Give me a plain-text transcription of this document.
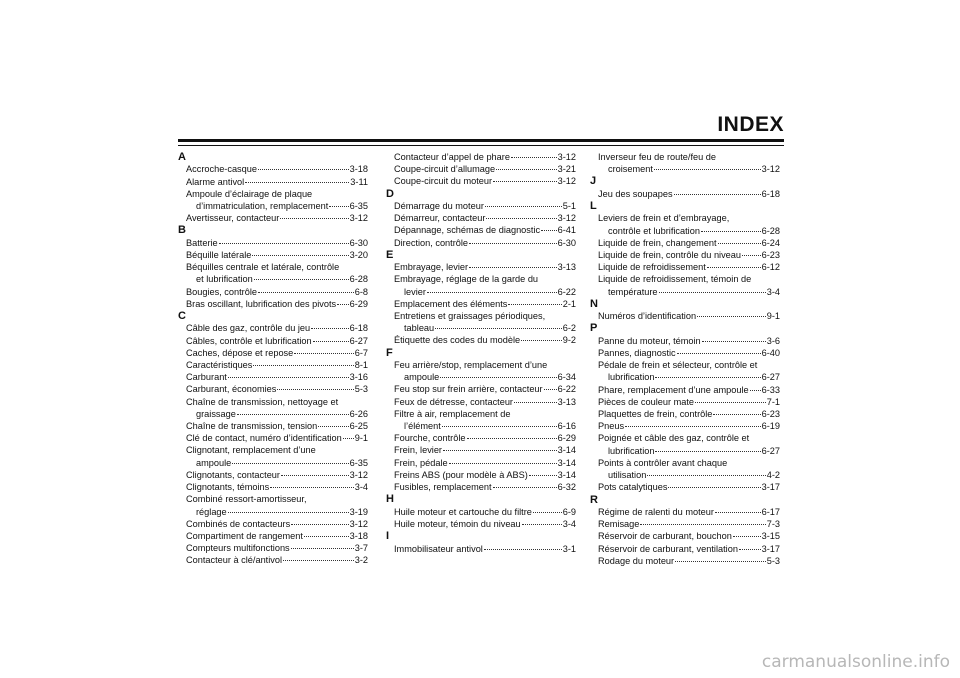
INDEX
A
Accroche-casque	3-18
Alarme antivol	3-11
Ampoule d’éclairage de plaque
d’immatriculation, remplacement 6-35
Avertisseur, contacteur	3-12
B
Batterie	6-30
Béquille latérale	3-20
Béquilles centrale et latérale, contrôle
et lubrification	6-28
Bougies, contrôle	6-8
Bras oscillant, lubrification des pivots 6-29
C
Câble des gaz, contrôle du jeu	6-18
Câbles, contrôle et lubrification	6-27
Caches, dépose et repose	6-7
Caractéristiques	8-1
Carburant	3-16
Carburant, économies	5-3
Chaîne de transmission, nettoyage et
graissage	6-26
Chaîne de transmission, tension	6-25
Clé de contact, numéro d’identification 9-1
Clignotant, remplacement d’une
ampoule	6-35
Clignotants, contacteur	3-12
Clignotants, témoins	3-4
Combiné ressort-amortisseur,
réglage	3-19
Combinés de contacteurs	3-12
Compartiment de rangement	3-18
Compteurs multifonctions	3-7
Contacteur à clé/antivol	3-2
Contacteur d’appel de phare	3-12
Coupe-circuit d’allumage	3-21
Coupe-circuit du moteur	3-12
D
Démarrage du moteur	5-1
Démarreur, contacteur	3-12
Dépannage, schémas de diagnostic 6-41
Direction, contrôle	6-30
E
Embrayage, levier	3-13
Embrayage, réglage de la garde du
levier	6-22
Emplacement des éléments	2-1
Entretiens et graissages périodiques,
tableau	6-2
Étiquette des codes du modèle	9-2
F
Feu arrière/stop, remplacement d’une
ampoule	6-34
Feu stop sur frein arrière, contacteur 6-22
Feux de détresse, contacteur	3-13
Filtre à air, remplacement de
l’élément	6-16
Fourche, contrôle	6-29
Frein, levier	3-14
Frein, pédale	3-14
Freins ABS (pour modèle à ABS)	3-14
Fusibles, remplacement	6-32
H
Huile moteur et cartouche du filtre	6-9
Huile moteur, témoin du niveau	3-4
I
Immobilisateur antivol	3-1
Inverseur feu de route/feu de
croisement	3-12
J
Jeu des soupapes	6-18
L
Leviers de frein et d’embrayage,
contrôle et lubrification	6-28
Liquide de frein, changement	6-24
Liquide de frein, contrôle du niveau 6-23
Liquide de refroidissement	6-12
Liquide de refroidissement, témoin de
température	3-4
N
Numéros d’identification	9-1
P
Panne du moteur, témoin	3-6
Pannes, diagnostic	6-40
Pédale de frein et sélecteur, contrôle et
lubrification	6-27
Phare, remplacement d’une ampoule 6-33
Pièces de couleur mate	7-1
Plaquettes de frein, contrôle	6-23
Pneus	6-19
Poignée et câble des gaz, contrôle et
lubrification	6-27
Points à contrôler avant chaque
utilisation	4-2
Pots catalytiques	3-17
R
Régime de ralenti du moteur	6-17
Remisage	7-3
Réservoir de carburant, bouchon	3-15
Réservoir de carburant, ventilation	3-17
Rodage du moteur	5-3
carmanualsonline.info
